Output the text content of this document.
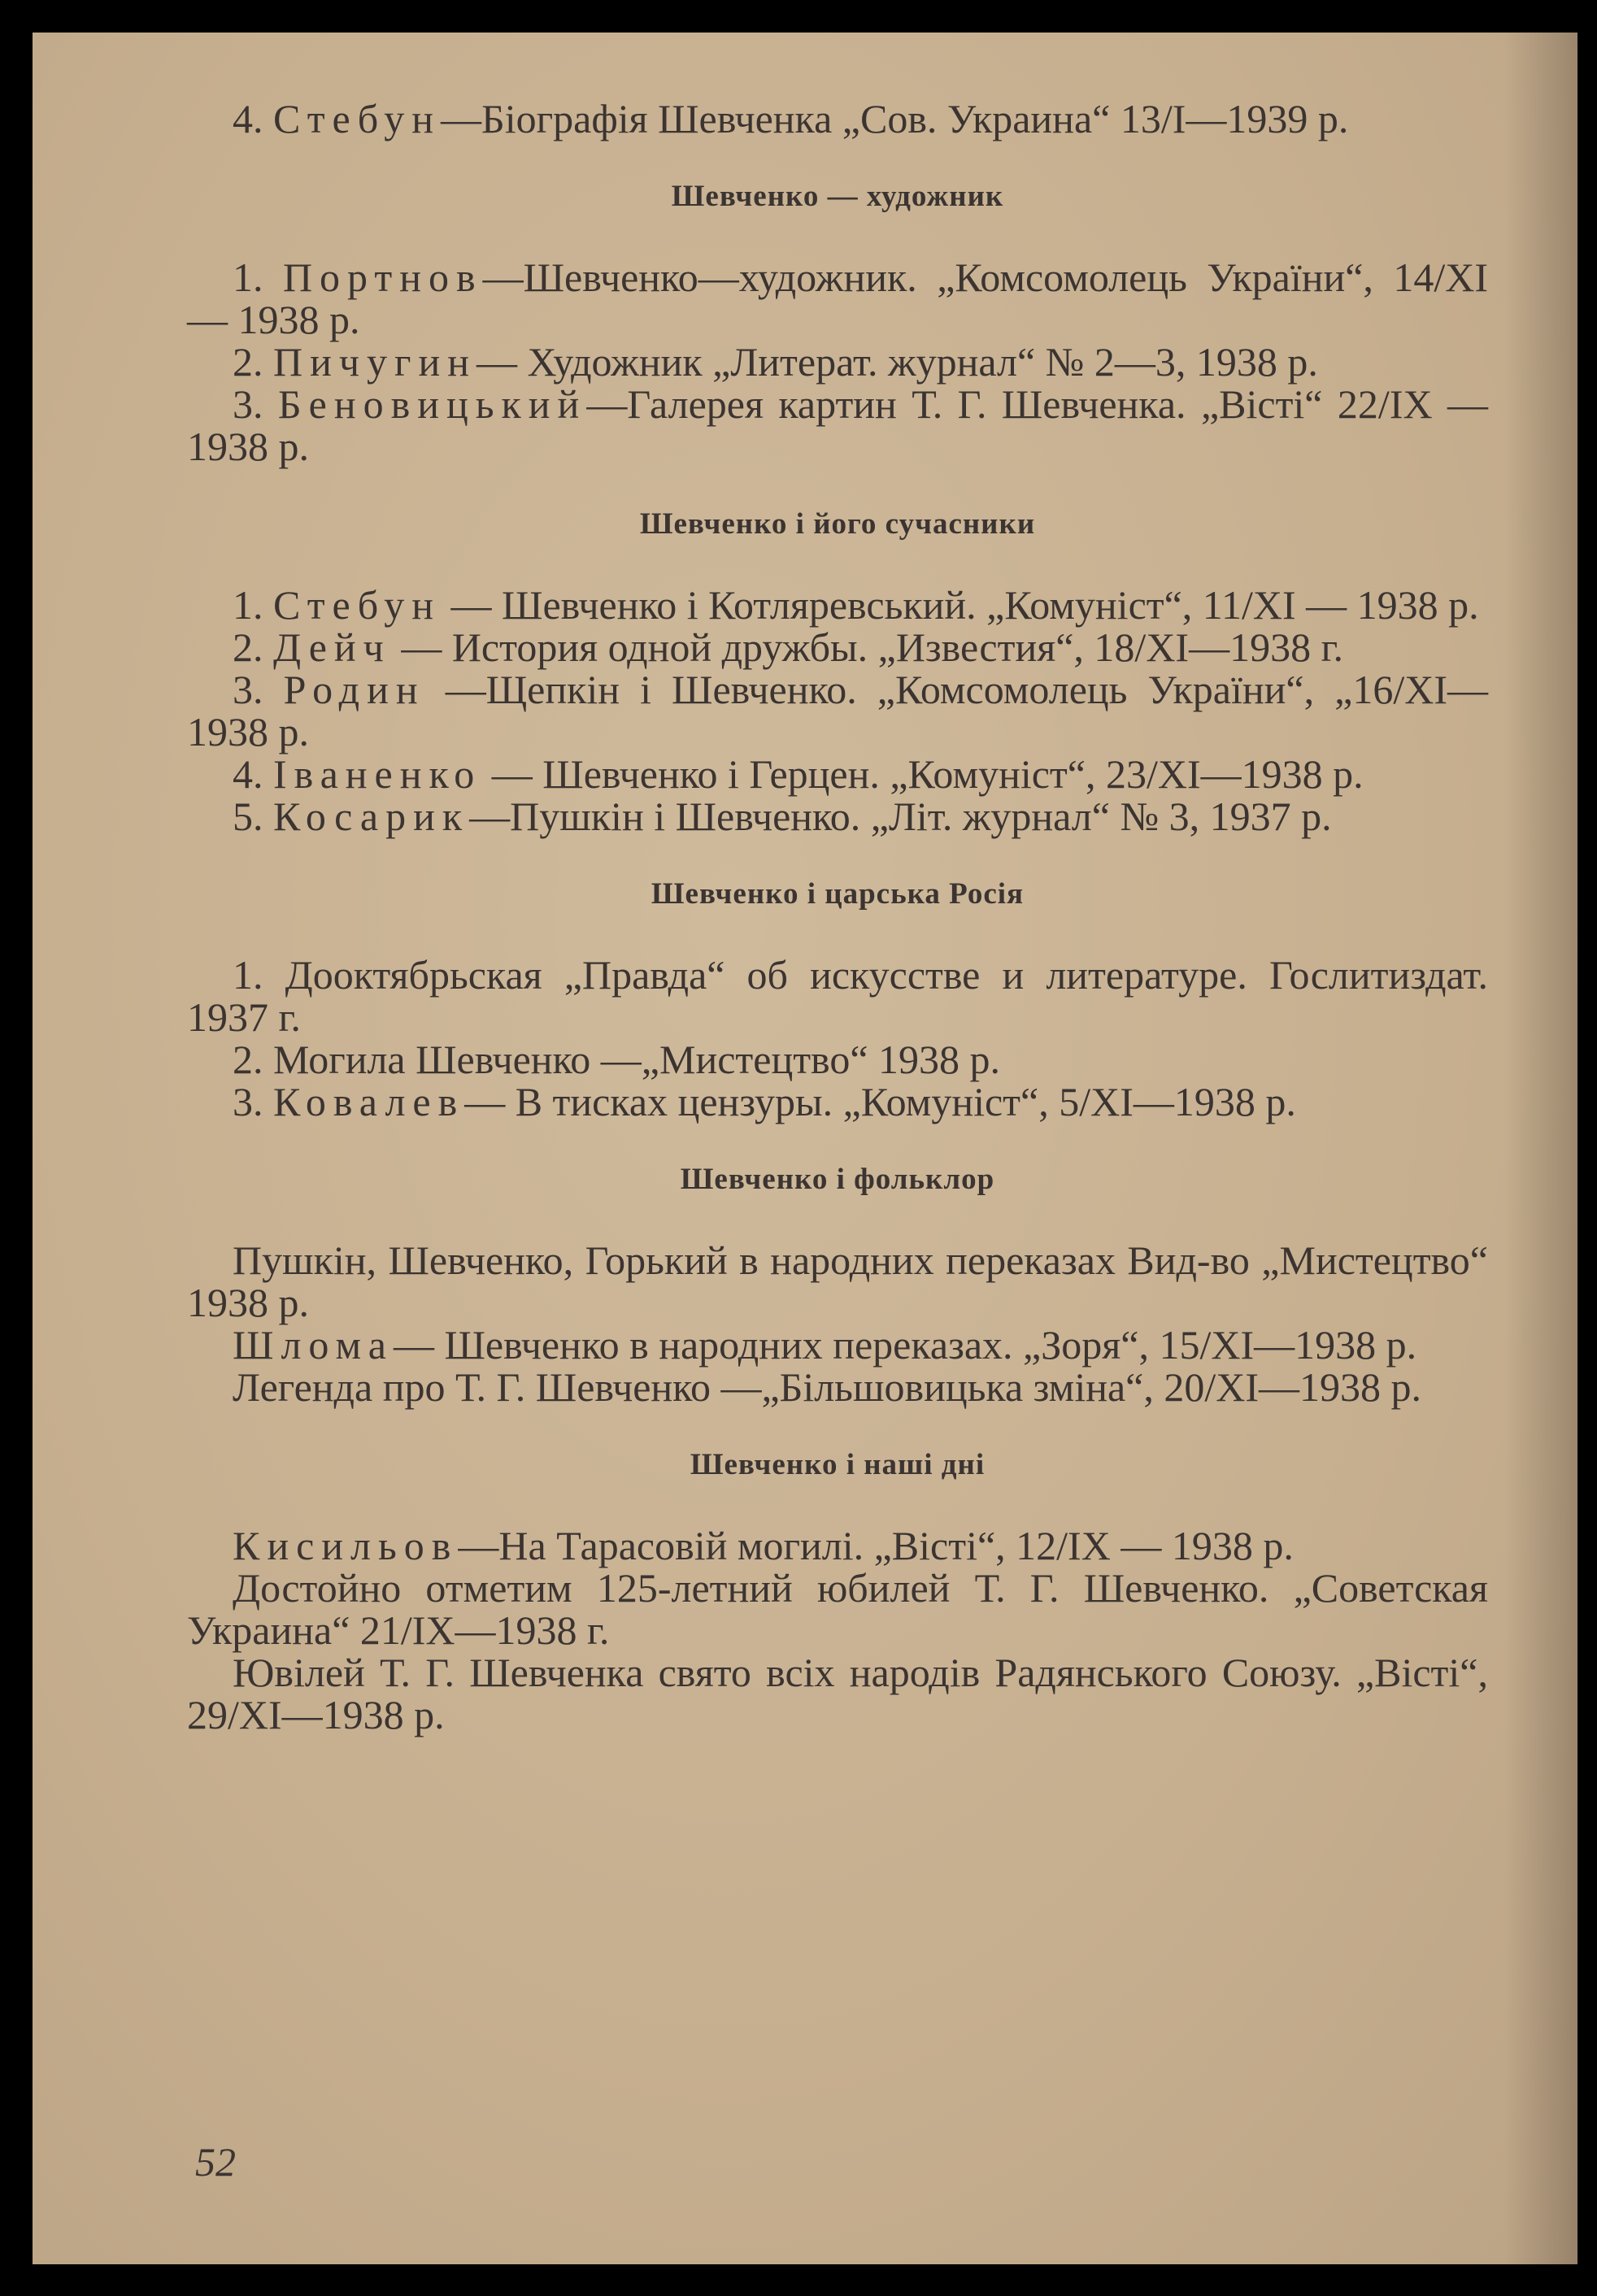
4. Стебун—Біографія Шевченка „Сов. Украина“ 13/I—1939 р.

Шевченко — художник

1. Портнов—Шевченко—художник. „Комсомолець України“, 14/XI — 1938 р.

2. Пичугин— Художник „Литерат. журнал“ № 2—3, 1938 р.

3. Беновицький—Галерея картин Т. Г. Шевченка. „Вісті“ 22/IX — 1938 р.

Шевченко і його сучасники

1. Стебун — Шевченко і Котляревський. „Комуніст“, 11/XI — 1938 р.

2. Дейч — История одной дружбы. „Известия“, 18/XI—1938 г.

3. Родин —Щепкін і Шевченко. „Комсомолець України“, „16/XI—1938 р.

4. Іваненко — Шевченко і Герцен. „Комуніст“, 23/XI—1938 р.

5. Косарик—Пушкін і Шевченко. „Літ. журнал“ № 3, 1937 р.

Шевченко і царська Росія

1. Дооктябрьская „Правда“ об искусстве и литературе. Гослитиздат. 1937 г.

2. Могила Шевченко —„Мистецтво“ 1938 р.

3. Ковалев— В тисках цензуры. „Комуніст“, 5/XI—1938 р.

Шевченко і фольклор

Пушкін, Шевченко, Горький в народних переказах Вид-во „Мистецтво“ 1938 р.

Шлома— Шевченко в народних переказах. „Зоря“, 15/XI—1938 р.

Легенда про Т. Г. Шевченко —„Більшовицька зміна“, 20/XI—1938 р.

Шевченко і наші дні

Кисильов—На Тарасовій могилі. „Вісті“, 12/IX — 1938 р.

Достойно отметим 125-летний юбилей Т. Г. Шевченко. „Советская Украина“ 21/IX—1938 г.

Ювілей Т. Г. Шевченка свято всіх народів Радянського Союзу. „Вісті“, 29/XI—1938 р.

52
